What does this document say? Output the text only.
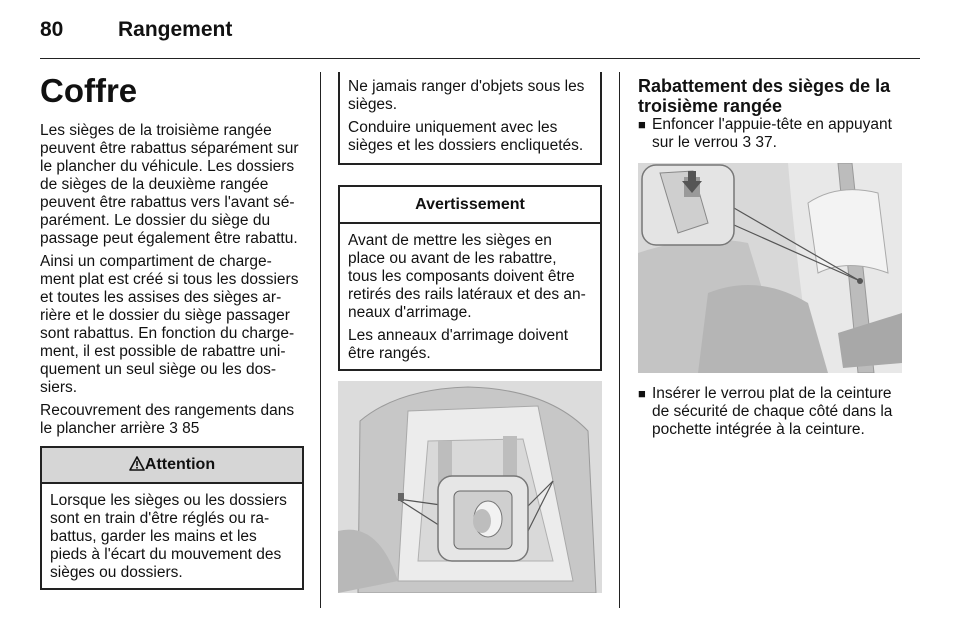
80	Rangement
Coffre

Les sièges de la troisième rangée
peuvent être rabattus séparément sur
le plancher du véhicule. Les dossiers
de sièges de la deuxième rangée
peuvent être rabattus vers l'avant sé-
parément. Le dossier du siège du
passage peut également être rabattu.

Ainsi un compartiment de charge-
ment plat est créé si tous les dossiers
et toutes les assises des sièges ar-
rière et le dossier du siège passager
sont rabattus. En fonction du charge-
ment, il est possible de rabattre uni-
quement un seul siège ou les dos-
siers.

Recouvrement des rangements dans
le plancher arrière 3 85

Attention
Lorsque les sièges ou les dossiers
sont en train d'être réglés ou ra-
battus, garder les mains et les
pieds à l'écart du mouvement des
sièges ou dossiers.

Ne jamais ranger d'objets sous les
sièges.

Conduire uniquement avec les
sièges et les dossiers encliquetés.

Avertissement

Avant de mettre les sièges en
place ou avant de les rabattre,
tous les composants doivent être
retirés des rails latéraux et des an-
neaux d'arrimage.

Les anneaux d'arrimage doivent
être rangés.

Rabattement des sièges de la
troisième rangée
■ Enfoncer l'appuie-tête en appuyant
sur le verrou 3 37.
■ Insérer le verrou plat de la ceinture
de sécurité de chaque côté dans la
pochette intégrée à la ceinture.
